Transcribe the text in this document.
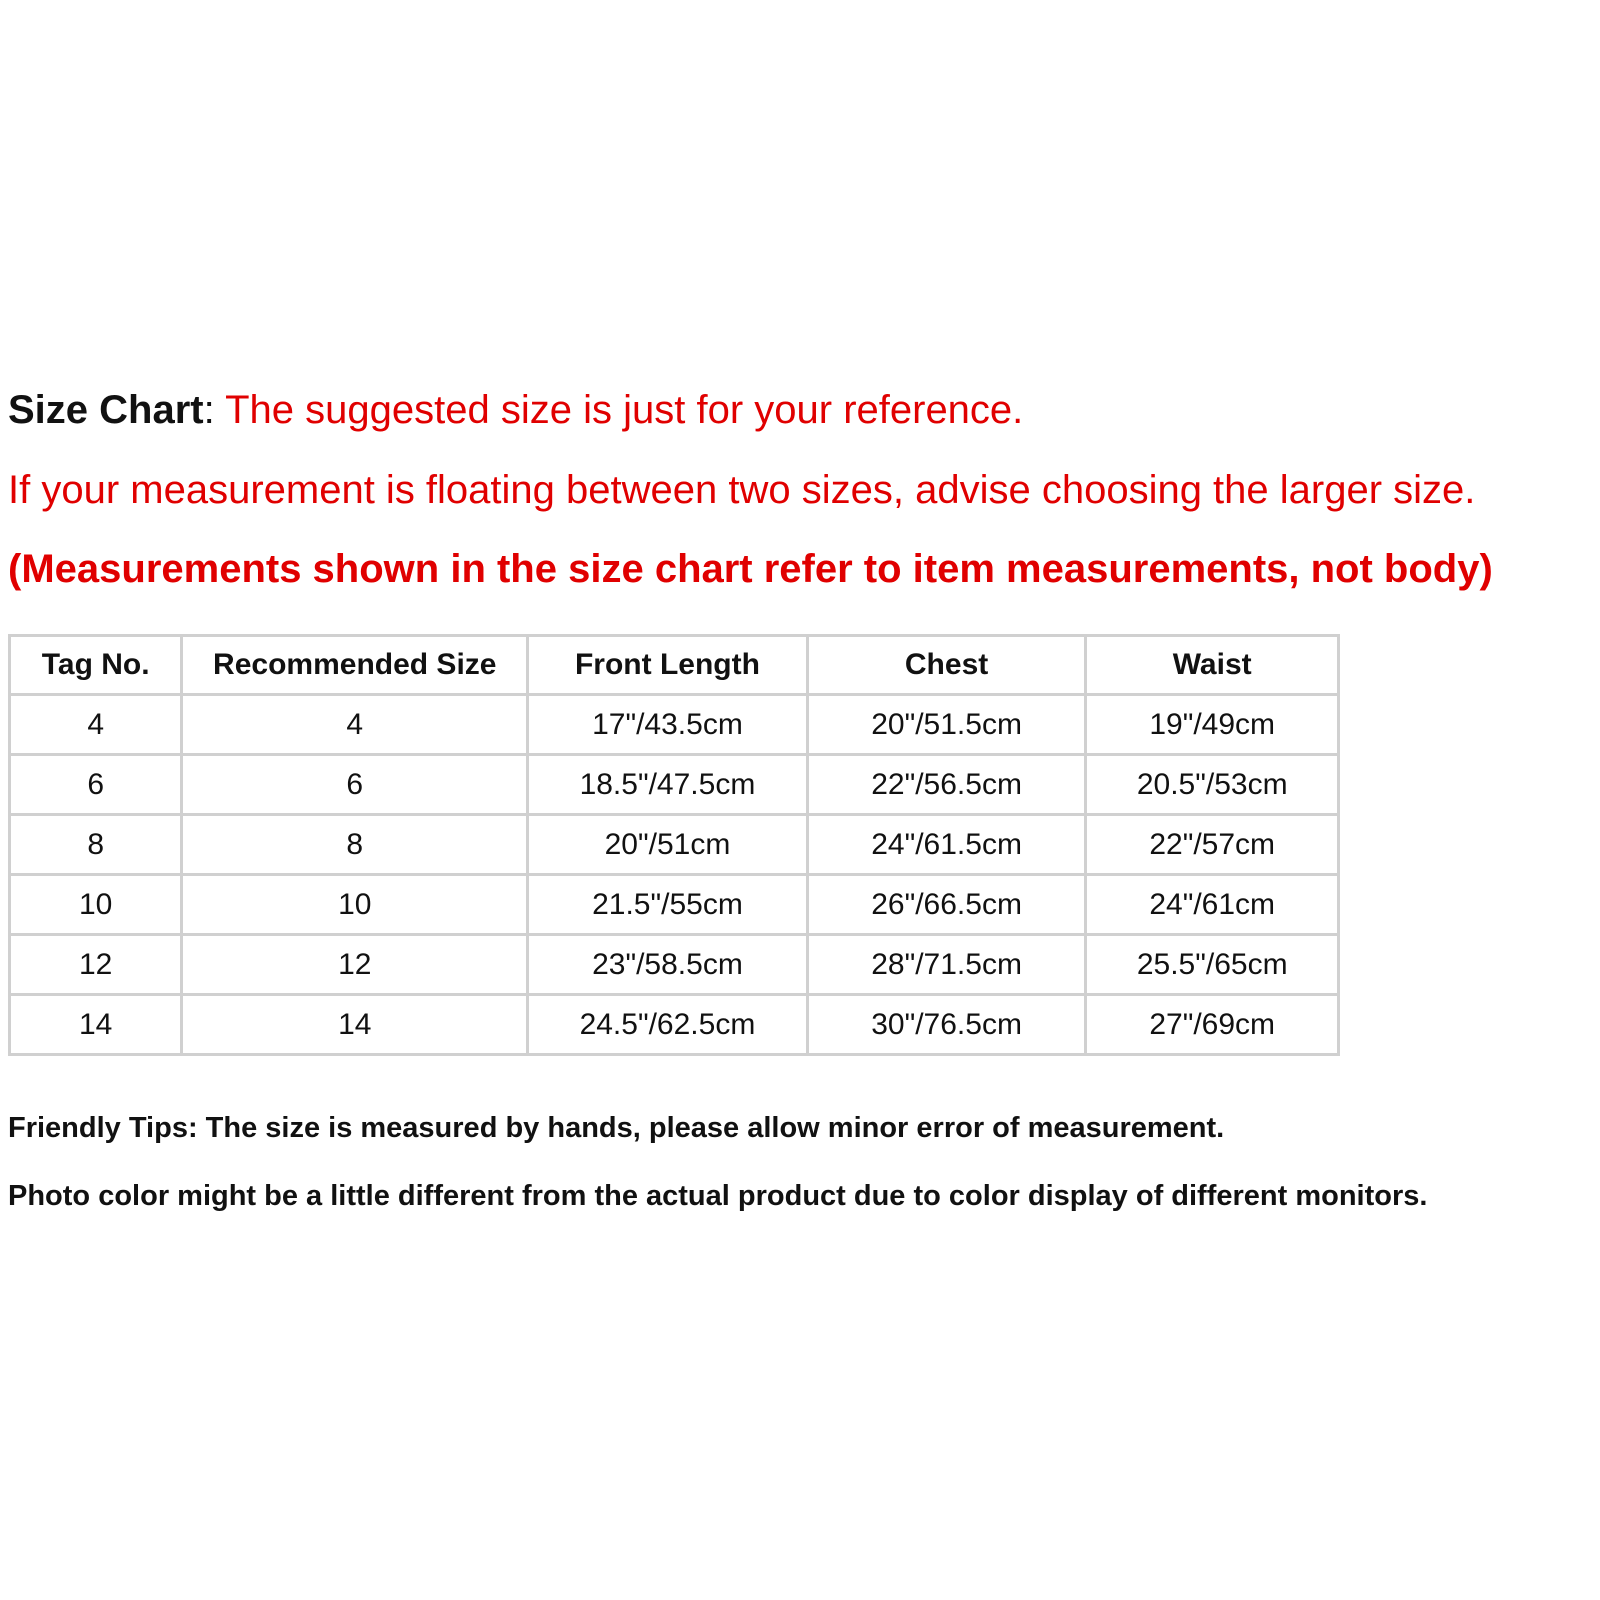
Size Chart: The suggested size is just for your reference.
If your measurement is floating between two sizes, advise choosing the larger size.
(Measurements shown in the size chart refer to item measurements, not body)
Tag No.	Recommended Size	Front Length	Chest	Waist
4	4	17"/43.5cm	20"/51.5cm	19"/49cm
6	6	18.5"/47.5cm	22"/56.5cm	20.5"/53cm
8	8	20"/51cm	24"/61.5cm	22"/57cm
10	10	21.5"/55cm	26"/66.5cm	24"/61cm
12	12	23"/58.5cm	28"/71.5cm	25.5"/65cm
14	14	24.5"/62.5cm	30"/76.5cm	27"/69cm
Friendly Tips: The size is measured by hands, please allow minor error of measurement.
Photo color might be a little different from the actual product due to color display of different monitors.
